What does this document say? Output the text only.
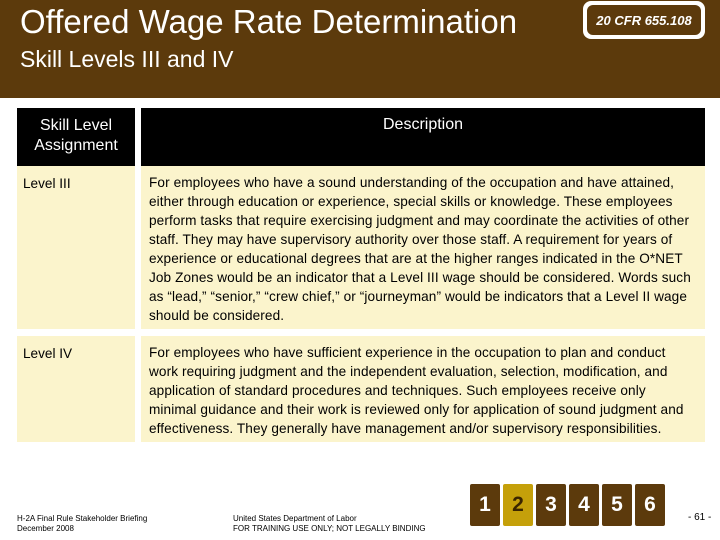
Offered Wage Rate Determination
Skill Levels III and IV
20 CFR 655.108
Skill Level
Assignment	Description
Level III	For employees who have a sound understanding of the occupation and have attained, either through education or experience, special skills or knowledge. These employees perform tasks that require exercising judgment and may coordinate the activities of other staff. They may have supervisory authority over those staff. A requirement for years of experience or educational degrees that are at the higher ranges indicated in the O*NET Job Zones would be an indicator that a Level III wage should be considered. Words such as “lead,” “senior,” “crew chief,” or “journeyman” would be indicators that a Level II wage should be considered.
Level IV	For employees who have sufficient experience in the occupation to plan and conduct work requiring judgment and the independent evaluation, selection, modification, and application of standard procedures and techniques. Such employees receive only minimal guidance and their work is reviewed only for application of sound judgment and effectiveness. They generally have management and/or supervisory responsibilities.
H-2A Final Rule Stakeholder Briefing
December 2008
United States Department of Labor
FOR TRAINING USE ONLY; NOT LEGALLY BINDING
1	2	3	4	5	6
- 61 -
